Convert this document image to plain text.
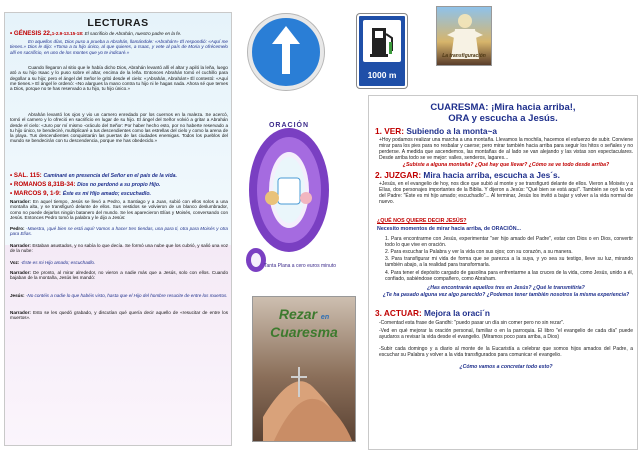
LECTURAS
• GÉNESIS 22,1-2.9-13.15-18: El sacrificio de Abrahán, nuestro padre en la fe.
En aquellos días, Dios puso a prueba a Abrahán, llamándole: «Abrahán!» Él respondió: «Aquí me tienes.» Dios le dijo: «Toma a tu hijo único, al que quieres, a Isaac, y vete al país de Moria y ofrécemelo allí en sacrificio, en uno de los montes que yo te indicaré.»
Cuando llegaron al sitio que le había dicho Dios, Abrahán levantó allí el altar y apiló la leña, luego ató a su hijo Isaac y lo puso sobre el altar, encima de la leña. Entonces Abrahán tomó el cuchillo para degollar a su hijo; pero el ángel del Señor le gritó desde el cielo: «¡Abrahán, Abrahán!» Él contestó: «Aquí me tienes.» El ángel le ordenó: «No alargues la mano contra tu hijo ni le hagas nada. Ahora sé que temes a Dios, porque no te has reservado a tu hijo, tu hijo único.»
Abrahán levantó los ojos y vio un carnero enredado por los cuernos en la maleza. Se acercó, tomó el carnero y lo ofreció en sacrificio en lugar de su hijo. El ángel del Señor volvió a gritar a Abrahán desde el cielo: «Juro por mí mismo -oráculo del Señor: Por haber hecho esto, por no haberte reservado a tu hijo único, te bendeciré, multiplicaré a tus descendientes como las estrellas del cielo y como la arena de la playa. Tus descendientes conquistarán las puertas de las ciudades enemigas. Todos los pueblos del mundo se bendecirán con tu descendencia, porque me has obedecido.»
• SAL. 115: Caminaré en presencia del Señor en el país de la vida.
• ROMANOS 8,31B-34: Dios no perdonó a su propio Hijo.
• MARCOS 9, 1-9: Éste es mi Hijo amado; escuchadlo.
Narrador: En aquel tiempo, Jesús se llevó a Pedro, a Santiago y a Juan, subió con ellos solos a una montaña alta, y se transfiguró delante de ellos. Sus vestidos se volvieron de un blanco deslumbrador, como no puede dejarlos ningún batanero del mundo. Se les aparecieron Elías y Moisés, conversando con Jesús. Entonces Pedro tomó la palabra y le dijo a Jesús:
Pedro: -Maestra, ¡qué bien se está aquí! Vamos a hacer tres tiendas, una para ti, otra para Moisés y otra para Elías.
Narrador: Estaban asustados, y no sabía lo que decía. Se formó una nube que los cubrió, y salió una voz de la nube:
Voz: -Éste es mi Hijo amado; escuchadlo.
Narrador: De pronto, al mirar alrededor, no vieron a nadie más que a Jesús, solo con ellos. Cuando bajaban de la montaña, Jesús les mandó:
Jesús: -No contéis a nadie lo que habéis visto, hasta que el Hijo del hombre resucite de entre los muertos.
Narrador: Esto se les quedó grabado, y discutían qué quería decir aquello de «resucitar de entre los muertos».
1000 m
La transfiguración
ORACIÓN
Tanta Plana a cero euros minuto
Rezar en
Cuaresma
CUARESMA: ¡Mira hacia arriba!,
ORA y escucha a Jesús.
1. VER: Subiendo a la monta~a
+Hoy podamos realizar una marcha a una montaña. Llevamos la mochila, hacemos el esfuerzo de subir. Conviene mirar para los pies para no resbalar y caerse; pero mirar también hacia arriba para seguir los hitos o señales y no perderse. A medida que ascendemos, las montañas de al lado se van alejando y las vistas son espectaculares. Desde arriba todo se ve mejor: valles, senderos, lagares...
¿Subiste a alguna montaña? ¿Qué hay que llevar? ¿Cómo se ve todo desde arriba?
2. JUZGAR: Mira hacia arriba, escucha a Jes´s.
+Jesús, en el evangelio de hoy, nos dice que subió al monte y se transfiguró delante de ellos. Vieron a Moisés y a Elías, dos personajes importantes de la Biblia. Y dijeron a Jesús: "Qué bien se está aquí". También se oyó la voz del Padre: "Éste es mi hijo amado; escuchadlo"... Al terminar, Jesús los invitó a bajar y volver a la vida normal de nuevo.
¿QUÉ NOS QUIERE DECIR JESÚS?
Necesito momentos de mirar hacia arriba, de ORACIÓN...
1. Para encontrarme con Jesús, experimentar "ser hijo amado del Padre", estar con Dios o en Dios, convertir todo lo que vive en oración.
2. Para escuchar la Palabra y ver la vida con sus ojos; con su corazón, a su manera.
3. Para transfigurar mi vida de forma que se parezca a la suya, y yo sea su testigo, lleve su luz, mirando también abajo, a la realidad para transformarla.
4. Para tener el depósito cargado de gasolina para enfrentarme a las cruces de la vida, como Jesús, unido a él, confiado, sabiéndose compañero, como Abraham.
¿Has encontrarán aquellos tres en Jesús? ¿Qué le transmitiría?
¿Te ha pasado alguna vez algo parecido? ¿Podemos tener también nosotros la misma experiencia?
3. ACTUAR: Mejora la oraci´n
-Comentad esta frase de Gandhi: "puedo pasar un día sin comer pero no sin rezar".
-Ved en qué mejorar la oración personal, familiar o en la parroquia. El libro "el evangelio de cada día" puede ayudaros a revisar la vida desde el evangelio. (Miramos poco para arriba, a Dios)
-Subir cada domingo y a diario al monte de la Eucaristía a celebrar que somos hijos amados del Padre, a escuchar su Palabra y volver a la vida transfigurados para comunicar el evangelio.
¿Cómo vamos a concretar todo esto?
